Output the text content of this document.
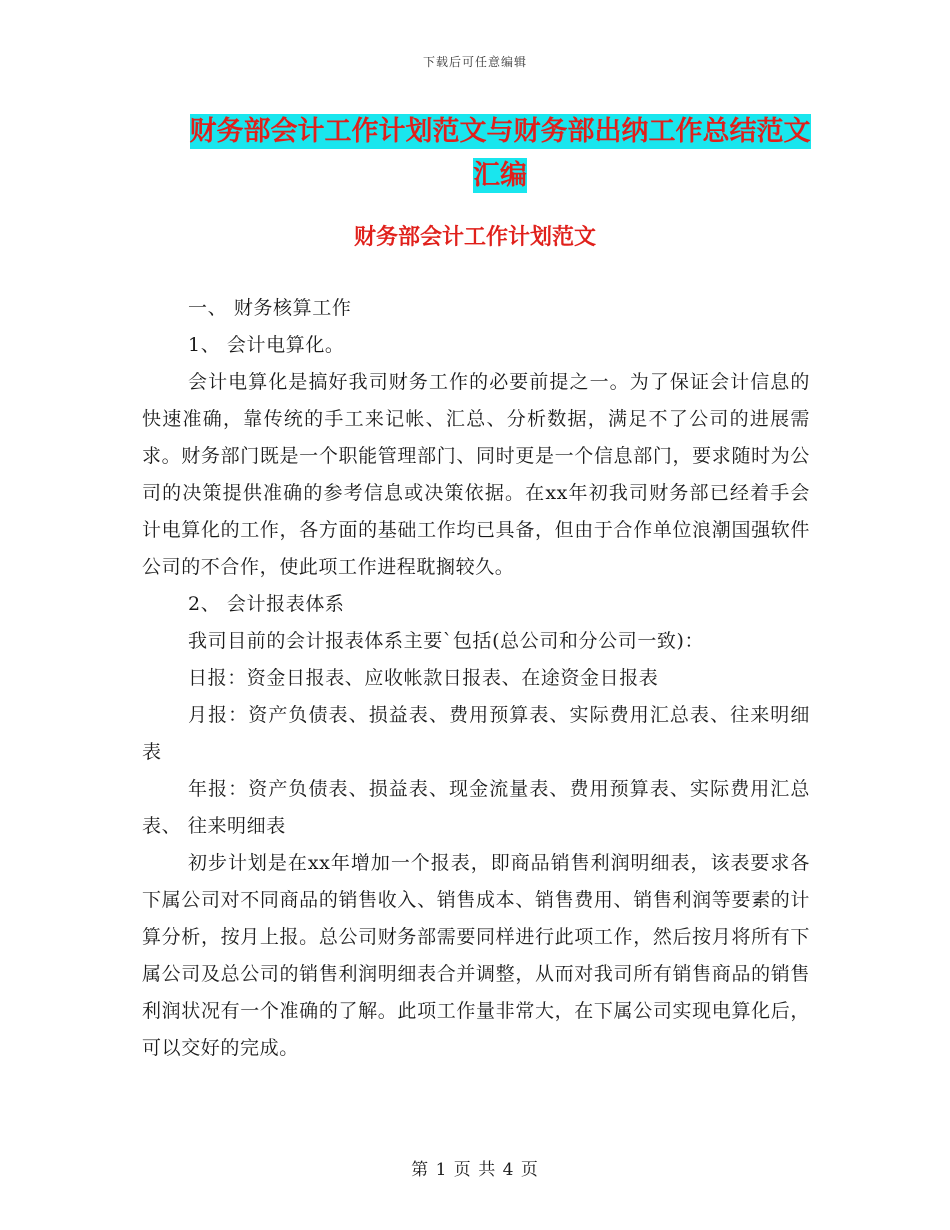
下载后可任意编辑
财务部会计工作计划范文与财务部出纳工作总结范文
汇编
财务部会计工作计划范文

一、 财务核算工作

1、 会计电算化。

会计电算化是搞好我司财务工作的必要前提之一。为了保证会计信息的快速准确，靠传统的手工来记帐、汇总、分析数据，满足不了公司的进展需求。财务部门既是一个职能管理部门、同时更是一个信息部门，要求随时为公司的决策提供准确的参考信息或决策依据。在xx年初我司财务部已经着手会计电算化的工作，各方面的基础工作均已具备，但由于合作单位浪潮国强软件公司的不合作，使此项工作进程耽搁较久。

2、 会计报表体系

我司目前的会计报表体系主要`包括(总公司和分公司一致)：

日报：资金日报表、应收帐款日报表、在途资金日报表

月报：资产负债表、损益表、费用预算表、实际费用汇总表、往来明细表

年报：资产负债表、损益表、现金流量表、费用预算表、实际费用汇总表、 往来明细表

初步计划是在xx年增加一个报表，即商品销售利润明细表，该表要求各下属公司对不同商品的销售收入、销售成本、销售费用、销售利润等要素的计算分析，按月上报。总公司财务部需要同样进行此项工作，然后按月将所有下属公司及总公司的销售利润明细表合并调整，从而对我司所有销售商品的销售利润状况有一个准确的了解。此项工作量非常大，在下属公司实现电算化后，可以交好的完成。

第 1 页 共 4 页
